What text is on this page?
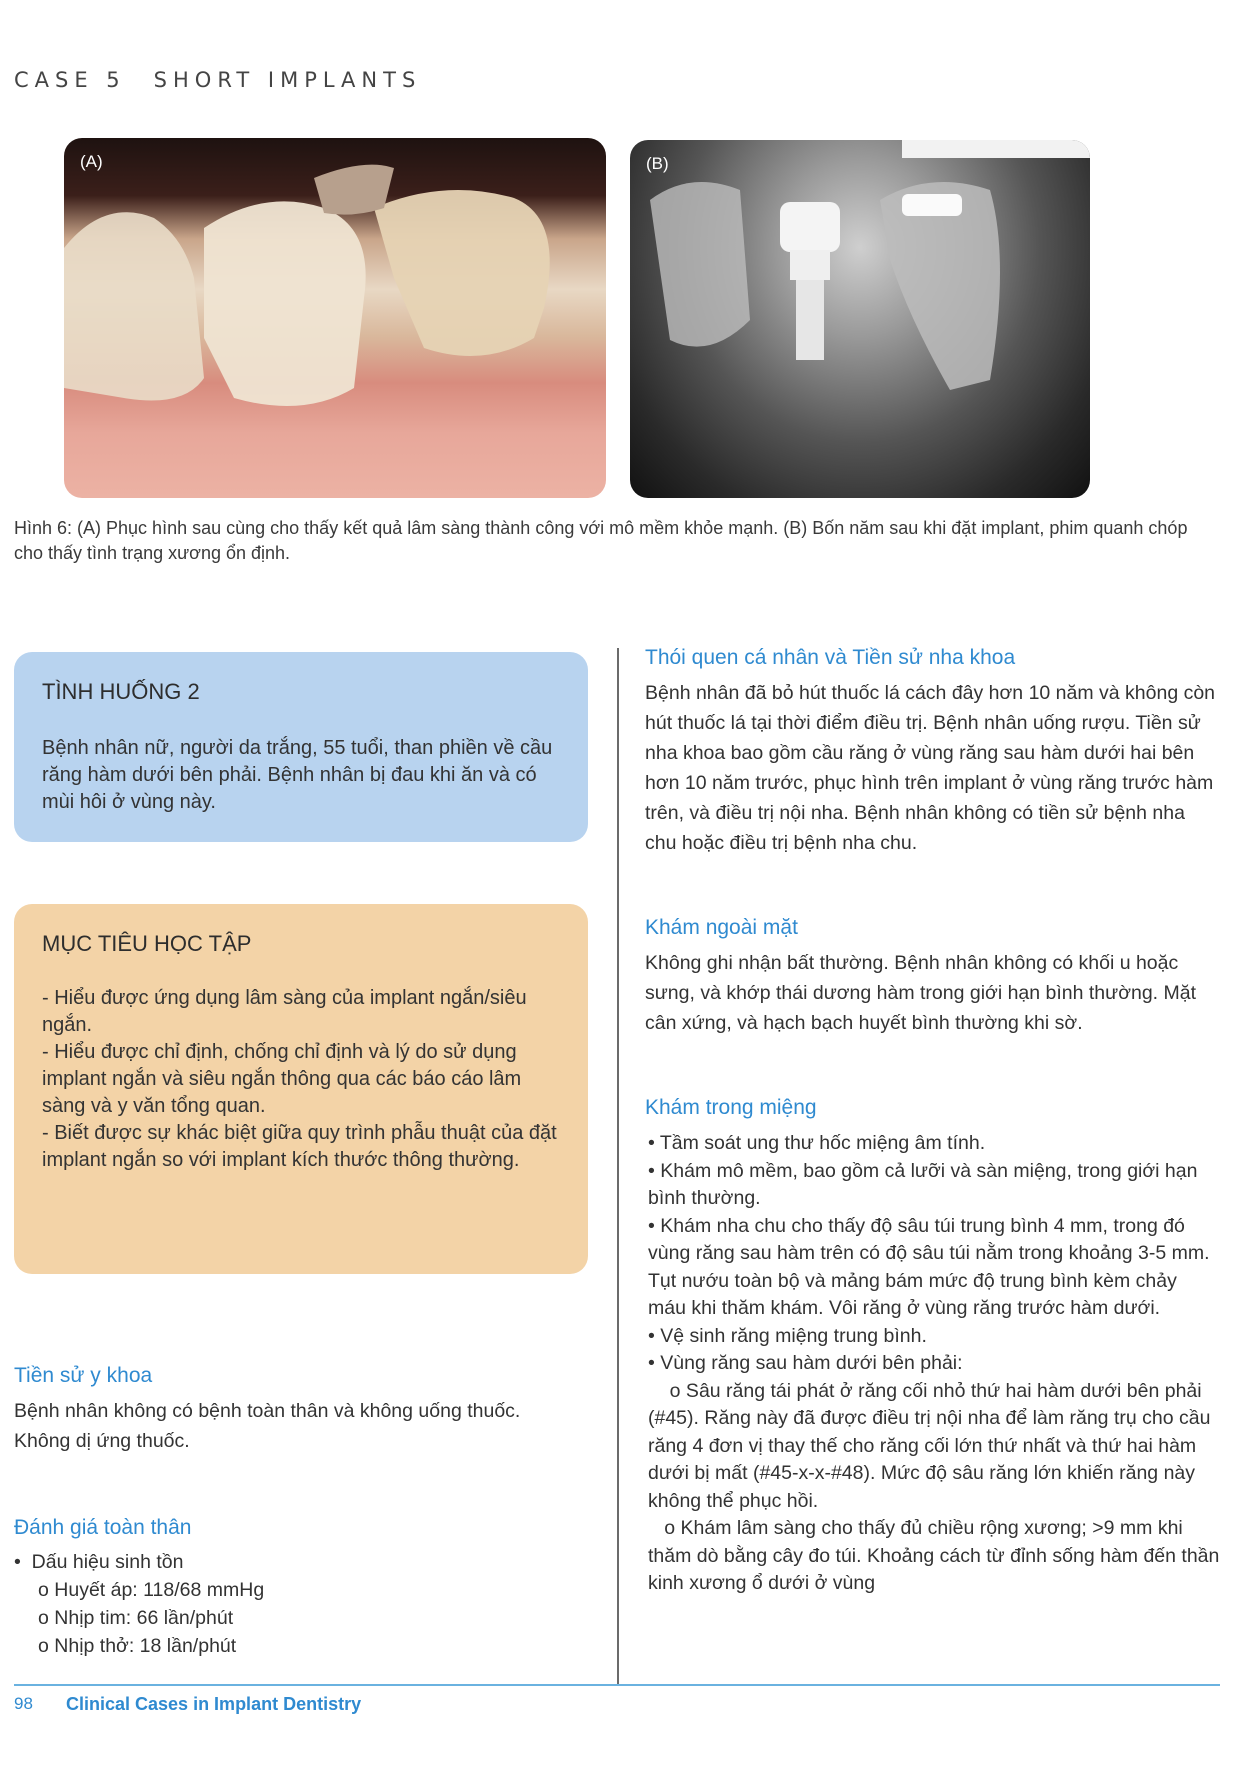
CASE 5 SHORT IMPLANTS
(A)	(B)
Hình 6: (A) Phục hình sau cùng cho thấy kết quả lâm sàng thành công với mô mềm khỏe mạnh. (B) Bốn năm sau khi đặt implant, phim quanh chóp cho thấy tình trạng xương ổn định.
TÌNH HUỐNG 2
Bệnh nhân nữ, người da trắng, 55 tuổi, than phiền về cầu răng hàm dưới bên phải. Bệnh nhân bị đau khi ăn và có mùi hôi ở vùng này.
MỤC TIÊU HỌC TẬP
- Hiểu được ứng dụng lâm sàng của implant ngắn/siêu ngắn.
- Hiểu được chỉ định, chống chỉ định và lý do sử dụng implant ngắn và siêu ngắn thông qua các báo cáo lâm sàng và y văn tổng quan.
- Biết được sự khác biệt giữa quy trình phẫu thuật của đặt implant ngắn so với implant kích thước thông thường.
Tiền sử y khoa
Bệnh nhân không có bệnh toàn thân và không uống thuốc. Không dị ứng thuốc.
Đánh giá toàn thân
•  Dấu hiệu sinh tồn
o Huyết áp: 118/68 mmHg
o Nhịp tim: 66 lần/phút
o Nhịp thở: 18 lần/phút
Thói quen cá nhân và Tiền sử nha khoa
Bệnh nhân đã bỏ hút thuốc lá cách đây hơn 10 năm và không còn hút thuốc lá tại thời điểm điều trị. Bệnh nhân uống rượu. Tiền sử nha khoa bao gồm cầu răng ở vùng răng sau hàm dưới hai bên hơn 10 năm trước, phục hình trên implant ở vùng răng trước hàm trên, và điều trị nội nha. Bệnh nhân không có tiền sử bệnh nha chu hoặc điều trị bệnh nha chu.
Khám ngoài mặt
Không ghi nhận bất thường. Bệnh nhân không có khối u hoặc sưng, và khớp thái dương hàm trong giới hạn bình thường. Mặt cân xứng, và hạch bạch huyết bình thường khi sờ.
Khám trong miệng
• Tầm soát ung thư hốc miệng âm tính.
• Khám mô mềm, bao gồm cả lưỡi và sàn miệng, trong giới hạn bình thường.
• Khám nha chu cho thấy độ sâu túi trung bình 4 mm, trong đó vùng răng sau hàm trên có độ sâu túi nằm trong khoảng 3-5 mm. Tụt nướu toàn bộ và mảng bám mức độ trung bình kèm chảy máu khi thăm khám. Vôi răng ở vùng răng trước hàm dưới.
• Vệ sinh răng miệng trung bình.
• Vùng răng sau hàm dưới bên phải:
o Sâu răng tái phát ở răng cối nhỏ thứ hai hàm dưới bên phải (#45). Răng này đã được điều trị nội nha để làm răng trụ cho cầu răng 4 đơn vị thay thế cho răng cối lớn thứ nhất và thứ hai hàm dưới bị mất (#45-x-x-#48). Mức độ sâu răng lớn khiến răng này không thể phục hồi.
o Khám lâm sàng cho thấy đủ chiều rộng xương; >9 mm khi thăm dò bằng cây đo túi. Khoảng cách từ đỉnh sống hàm đến thần kinh xương ổ dưới ở vùng
98 Clinical Cases in Implant Dentistry
